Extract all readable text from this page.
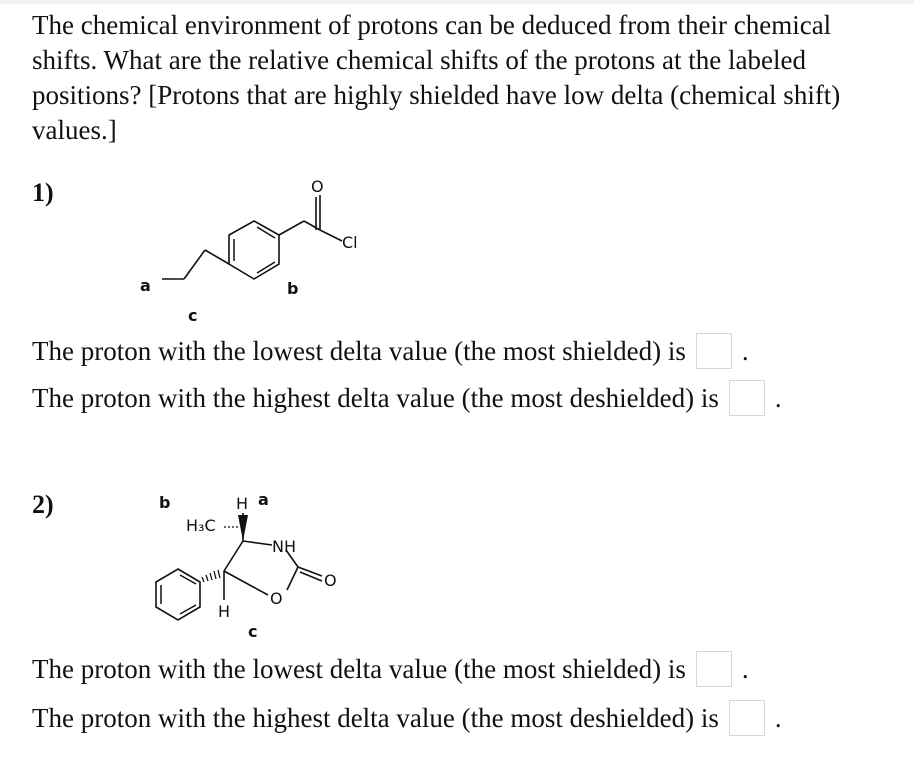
The chemical environment of protons can be deduced from their chemical shifts. What are the relative chemical shifts of the protons at the labeled positions? [Protons that are highly shielded have low delta (chemical shift) values.]
1)	O
Cl
a	b
c
The proton with the lowest delta value (the most shielded) is .
The proton with the highest delta value (the most deshielded) is .
2)	H
H₃C
NH
O
O
H
a
b
c
The proton with the lowest delta value (the most shielded) is .
The proton with the highest delta value (the most deshielded) is .
